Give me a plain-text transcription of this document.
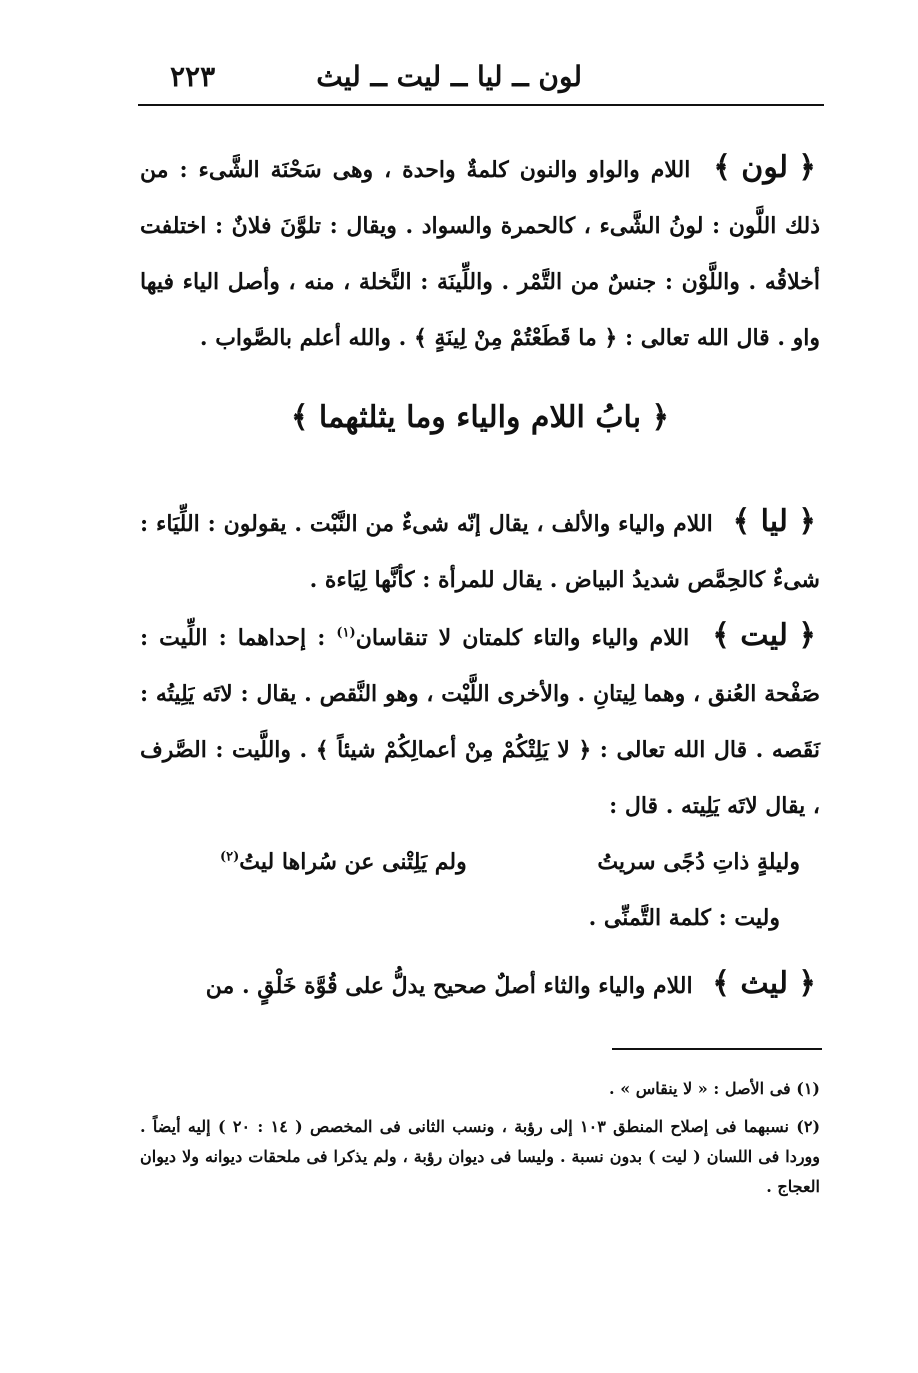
لون ــ ليا ــ ليت ــ ليث
٢٢٣

﴿ لون ﴾ اللام والواو والنون كلمةٌ واحدة ، وهى سَحْنَة الشَّىء : من ذلك اللَّون : لونُ الشَّىء ، كالحمرة والسواد . ويقال : تلوَّنَ فلانٌ : اختلفت أخلاقُه . واللَّوْن : جنسٌ من التَّمْر . واللِّينَة : النَّخلة ، منه ، وأصل الياء فيها واو . قال الله تعالى : ﴿ ما قَطَعْتُمْ مِنْ لِينَةٍ ﴾ . والله أعلم بالصَّواب .

﴿ بابُ اللام والياء وما يثلثهما ﴾

﴿ ليا ﴾ اللام والياء والألف ، يقال إنّه شىءٌ من النَّبْت . يقولون : اللِّيَاء : شىءٌ كالحِمَّص شديدُ البياض . يقال للمرأة : كأنَّها لِيَاءة .

﴿ ليت ﴾ اللام والياء والتاء كلمتان لا تنقاسان$^{(١)}$ : إحداهما : اللِّيت : صَفْحة العُنق ، وهما لِيتانِ . والأخرى اللَّيْت ، وهو النَّقص . يقال : لاتَه يَلِيتُه : نَقَصه . قال الله تعالى : ﴿ لا يَلِتْكُمْ مِنْ أعمالِكُمْ شيئاً ﴾ . واللَّيت : الصَّرف ، يقال لاتَه يَلِيته . قال :

وليلةٍ ذاتِ دُجًى سريتُ
ولم يَلِتْنى عن سُراها ليتُ$^{(٢)}$

وليت : كلمة التَّمنِّى .

﴿ ليث ﴾ اللام والياء والثاء أصلٌ صحيح يدلُّ على قُوَّة خَلْقٍ . من

(١) فى الأصل : « لا ينقاس » .

(٢) نسبهما فى إصلاح المنطق ١٠٣ إلى رؤبة ، ونسب الثانى فى المخصص ( ١٤ : ٢٠ ) إليه أيضاً . ووردا فى اللسان ( ليت ) بدون نسبة . وليسا فى ديوان رؤبة ، ولم يذكرا فى ملحقات ديوانه ولا ديوان العجاج .
